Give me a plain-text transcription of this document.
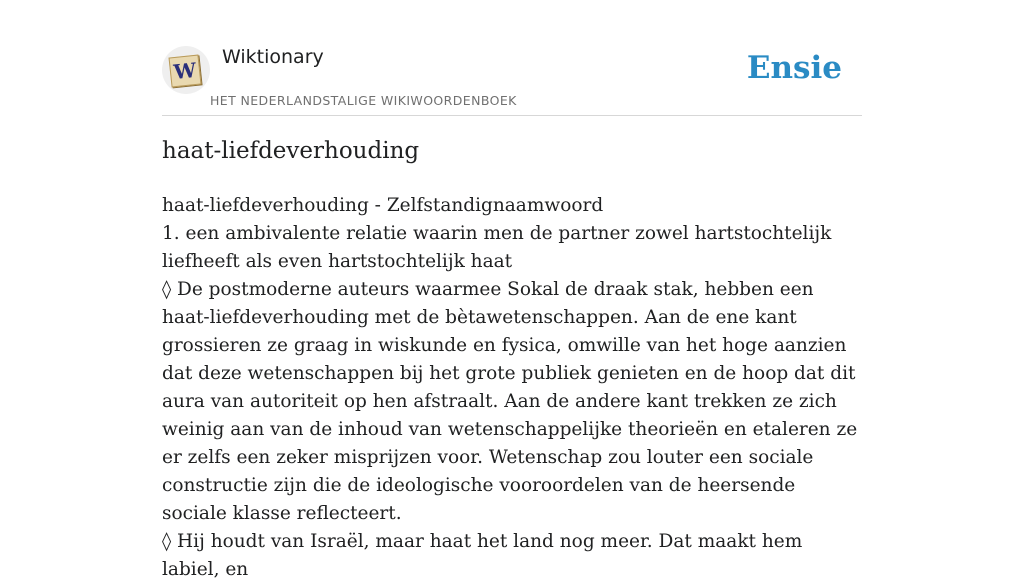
W
Wiktionary
HET NEDERLANDSTALIGE WIKIWOORDENBOEK
Ensie
haat-liefdeverhouding

haat-liefdeverhouding - Zelfstandignaamwoord

1. een ambivalente relatie waarin men de partner zowel hartstochtelijk liefheeft als even hartstochtelijk haat

◊ De postmoderne auteurs waarmee Sokal de draak stak, hebben een haat-liefdeverhouding met de bètawetenschappen. Aan de ene kant grossieren ze graag in wiskunde en fysica, omwille van het hoge aanzien dat deze wetenschappen bij het grote publiek genieten en de hoop dat dit aura van autoriteit op hen afstraalt. Aan de andere kant trekken ze zich weinig aan van de inhoud van wetenschappelijke theorieën en etaleren ze er zelfs een zeker misprijzen voor. Wetenschap zou louter een sociale constructie zijn die de ideologische vooroordelen van de heersende sociale klasse reflecteert.

◊ Hij houdt van Israël, maar haat het land nog meer. Dat maakt hem labiel, en
